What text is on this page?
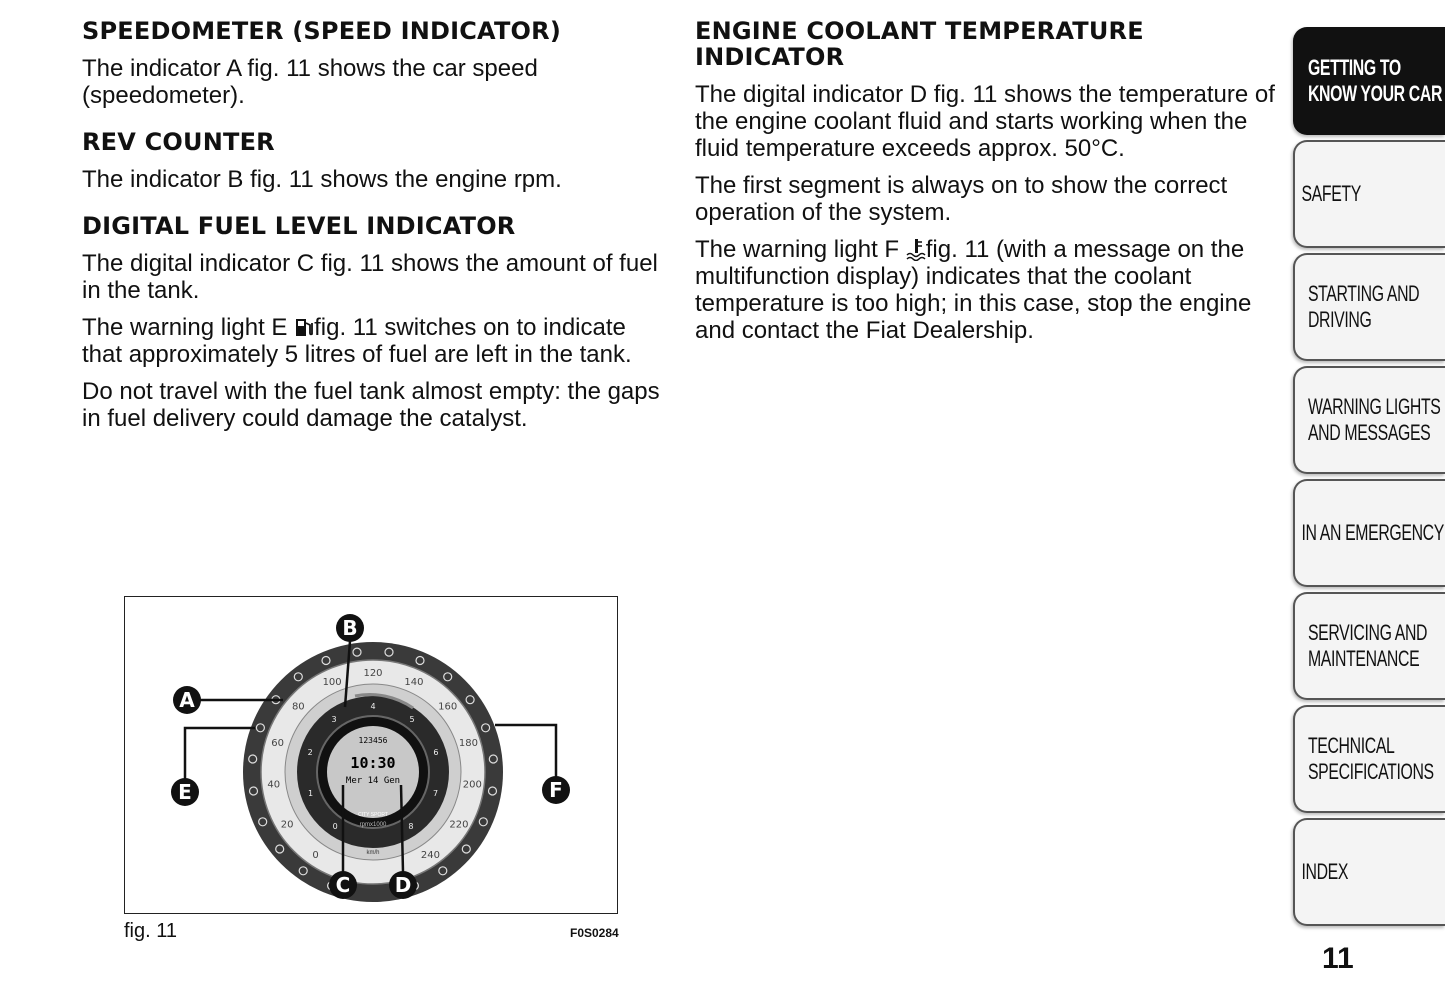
SPEEDOMETER (SPEED INDICATOR)

The indicator A fig. 11 shows the car speed (speedometer).

REV COUNTER

The indicator B fig. 11 shows the engine rpm.

DIGITAL FUEL LEVEL INDICATOR

The digital indicator C fig. 11 shows the amount of fuel in the tank.

The warning light E fig. 11 switches on to indicate that approximately 5 litres of fuel are left in the tank.

Do not travel with the fuel tank almost empty: the gaps in fuel delivery could damage the catalyst.

ENGINE COOLANT TEMPERATURE INDICATOR

The digital indicator D fig. 11 shows the temperature of the engine coolant fluid and starts working when the fluid temperature exceeds approx. 50°C.

The first segment is always on to show the correct operation of the system.

The warning light F fig. 11 (with a message on the multifunction display) indicates that the coolant temperature is too high; in this case, stop the engine and contact the Fiat Dealership.

0
20
40
60
80
100
120
140
160
180
200
220
240
0
1
2
3
4
5
6
7
8
123456
10:30
Mer 14 Gen
CITY SPORT
rpmx1000
km/h
A
B
C D
E	F
fig. 11	F0S0284
GETTING TO
KNOW YOUR CAR
SAFETY
STARTING AND
DRIVING
WARNING LIGHTS
AND MESSAGES
IN AN EMERGENCY
SERVICING AND
MAINTENANCE
TECHNICAL
SPECIFICATIONS
INDEX
11
